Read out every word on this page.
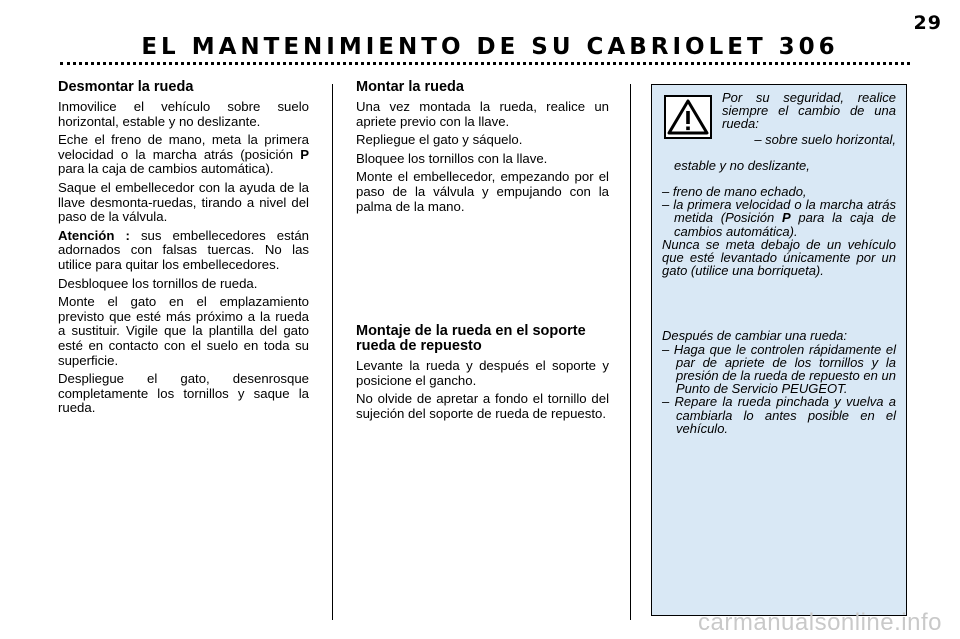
29
EL MANTENIMIENTO DE SU CABRIOLET 306
Desmontar la rueda

Inmovilice el vehículo sobre suelo horizontal, estable y no deslizante.

Eche el freno de mano, meta la primera velocidad o la marcha atrás (posición P para la caja de cambios automática).

Saque el embellecedor con la ayuda de la llave desmonta-ruedas, tirando a nivel del paso de la válvula.

Atención : sus embellecedores están adornados con falsas tuercas. No las utilice para quitar los embellecedores.

Desbloquee los tornillos de rueda.

Monte el gato en el emplazamiento previsto que esté más próximo a la rueda a sustituir. Vigile que la plantilla del gato esté en contacto con el suelo en toda su superficie.

Despliegue el gato, desenrosque completamente los tornillos y saque la rueda.

Montar la rueda

Una vez montada la rueda, realice un apriete previo con la llave.

Repliegue el gato y sáquelo.

Bloquee los tornillos con la llave.

Monte el embellecedor, empezando por el paso de la válvula y empujando con la palma de la mano.

Montaje de la rueda en el soporte rueda de repuesto

Levante la rueda y después el soporte y posicione el gancho.

No olvide de apretar a fondo el tornillo del sujeción del soporte de rueda de repuesto.

Por su seguridad, realice siempre el cambio de una rueda:

– sobre suelo horizontal,

estable y no deslizante,

– freno de mano echado,

– la primera velocidad o la marcha atrás metida (Posición P para la caja de cambios automática).

Nunca se meta debajo de un vehículo que esté levantado únicamente por un gato (utilice una borriqueta).

Después de cambiar una rueda:

– Haga que le controlen rápidamente el par de apriete de los tornillos y la presión de la rueda de repuesto en un Punto de Servicio PEUGEOT.

– Repare la rueda pinchada y vuelva a cambiarla lo antes posible en el vehículo.

carmanualsonline.info
